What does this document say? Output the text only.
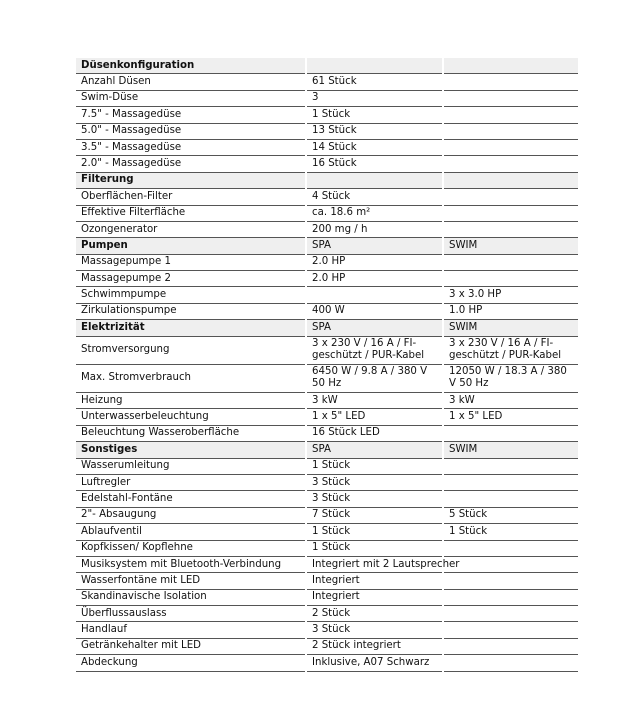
Düsenkonfiguration		
Anzahl Düsen	61 Stück	
Swim-Düse	3	
7.5" - Massagedüse	1 Stück	
5.0" - Massagedüse	13 Stück	
3.5" - Massagedüse	14 Stück	
2.0" - Massagedüse	16 Stück	
Filterung		
Oberflächen-Filter	4 Stück	
Effektive Filterfläche	ca. 18.6 m²	
Ozongenerator	200 mg / h	
Pumpen	SPA	SWIM
Massagepumpe 1	2.0 HP	
Massagepumpe 2	2.0 HP	
Schwimmpumpe		3 x 3.0 HP
Zirkulationspumpe	400 W	1.0 HP
Elektrizität	SPA	SWIM
Stromversorgung	3 x 230 V / 16 A / FI-geschützt / PUR-Kabel	3 x 230 V / 16 A / FI-geschützt / PUR-Kabel
Max. Stromverbrauch	6450 W / 9.8 A / 380 V 50 Hz	12050 W / 18.3 A / 380 V 50 Hz
Heizung	3 kW	3 kW
Unterwasserbeleuchtung	1 x 5" LED	1 x 5" LED
Beleuchtung Wasseroberfläche	16 Stück LED	
Sonstiges	SPA	SWIM
Wasserumleitung	1 Stück	
Luftregler	3 Stück	
Edelstahl-Fontäne	3 Stück	
2"- Absaugung	7 Stück	5 Stück
Ablaufventil	1 Stück	1 Stück
Kopfkissen/ Kopflehne	1 Stück	
Musiksystem mit Bluetooth-Verbindung	Integriert mit 2 Lautsprecher	
Wasserfontäne mit LED	Integriert	
Skandinavische Isolation	Integriert	
Überflussauslass	2 Stück	
Handlauf	3 Stück	
Getränkehalter mit LED	2 Stück integriert	
Abdeckung	Inklusive, A07 Schwarz	
